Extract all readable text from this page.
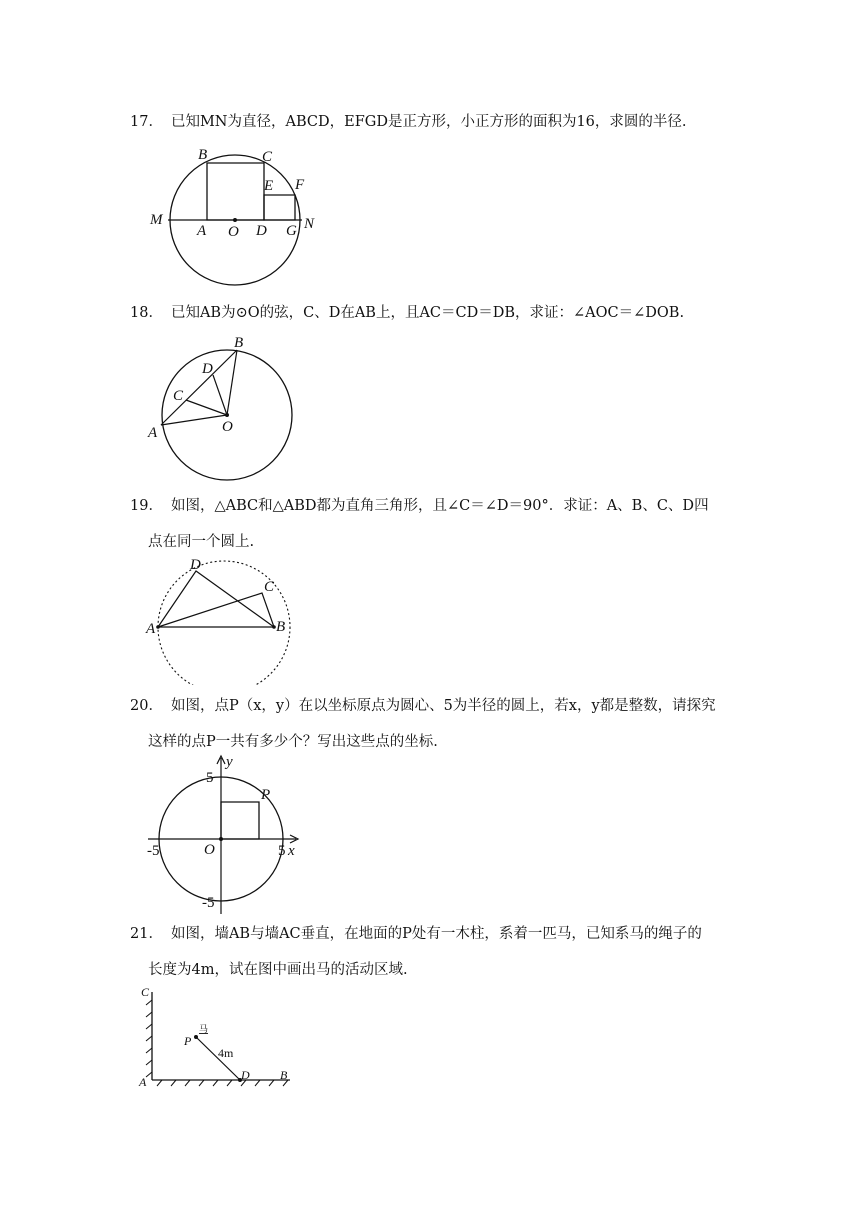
17． 已知MN为直径，ABCD，EFGD是正方形，小正方形的面积为16，求圆的半径.
B	C
E F
M	N
A O D G
18． 已知AB为⊙O的弦，C、D在AB上，且AC＝CD＝DB，求证：∠AOC＝∠DOB.
A
B
C
D
O
19． 如图，△ABC和△ABD都为直角三角形，且∠C＝∠D＝90°．求证：A、B、C、D四
点在同一个圆上.
A	B
C
D
20． 如图，点P（x，y）在以坐标原点为圆心、5为半径的圆上，若x，y都是整数，请探究
这样的点P一共有多少个？写出这些点的坐标.
y
x
O
P
5
-5	5
-5
21． 如图，墙AB与墙AC垂直，在地面的P处有一木柱，系着一匹马，已知系马的绳子的
长度为4m，试在图中画出马的活动区域.
C
P
A	D	B
4m
马
